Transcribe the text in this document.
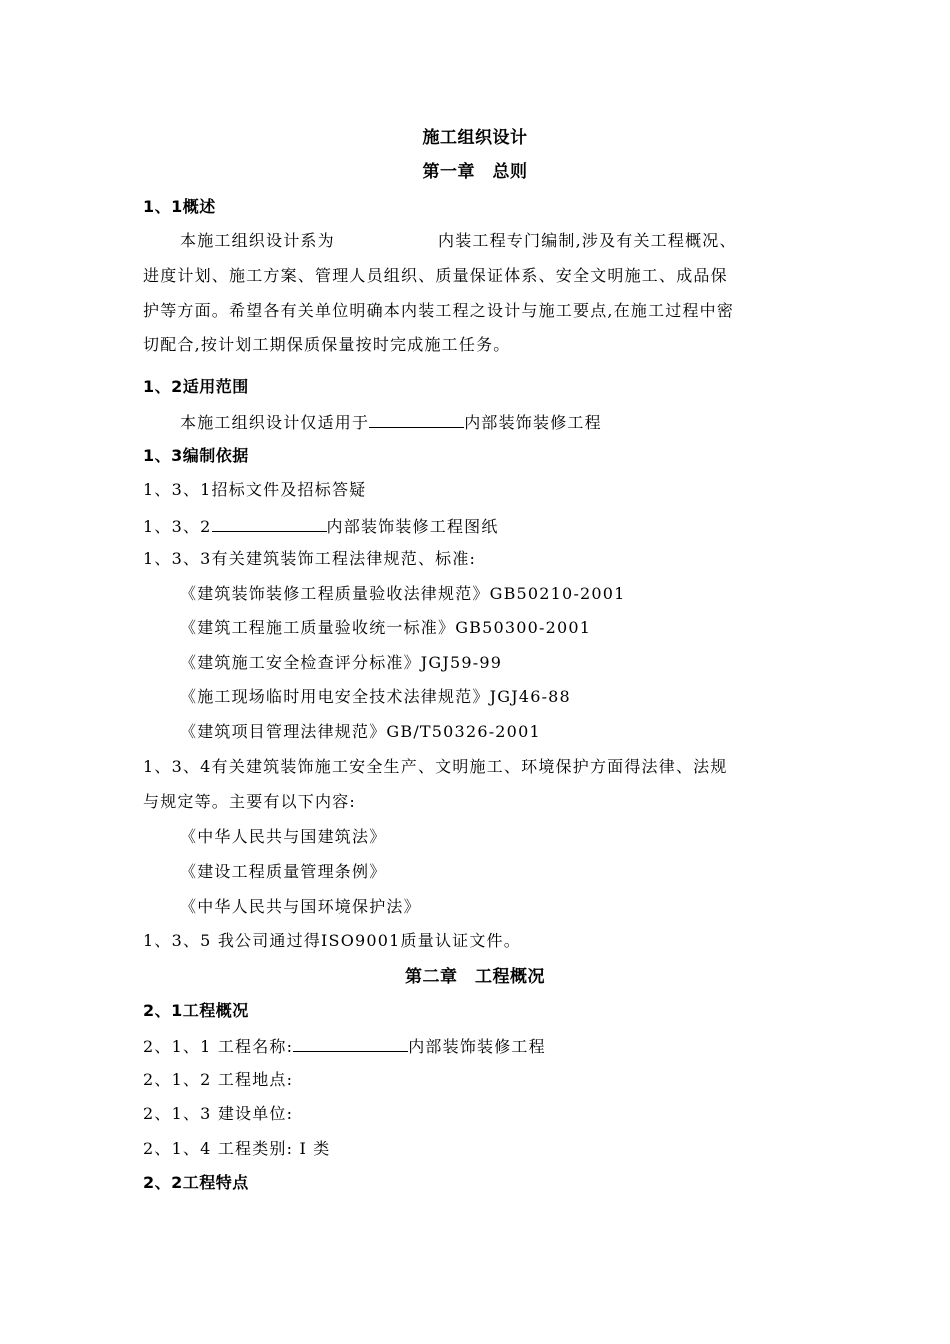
施工组织设计
第一章　总则
1、1概述
本施工组织设计系为　　　　　　内装工程专门编制,涉及有关工程概况、
进度计划、施工方案、管理人员组织、质量保证体系、安全文明施工、成品保
护等方面。希望各有关单位明确本内装工程之设计与施工要点,在施工过程中密
切配合,按计划工期保质保量按时完成施工任务。
1、2适用范围
本施工组织设计仅适用于	内部装饰装修工程
1、3编制依据
1、3、1招标文件及招标答疑
1、3、2	内部装饰装修工程图纸
1、3、3有关建筑装饰工程法律规范、标准:
《建筑装饰装修工程质量验收法律规范》GB50210-2001
《建筑工程施工质量验收统一标准》GB50300-2001
《建筑施工安全检查评分标准》JGJ59-99
《施工现场临时用电安全技术法律规范》JGJ46-88
《建筑项目管理法律规范》GB/T50326-2001
1、3、4有关建筑装饰施工安全生产、文明施工、环境保护方面得法律、法规
与规定等。主要有以下内容:
《中华人民共与国建筑法》
《建设工程质量管理条例》
《中华人民共与国环境保护法》
1、3、5 我公司通过得ISO9001质量认证文件。
第二章　工程概况
2、1工程概况
2、1、1 工程名称:	内部装饰装修工程
2、1、2 工程地点:
2、1、3 建设单位:
2、1、4 工程类别: I 类
2、2工程特点
